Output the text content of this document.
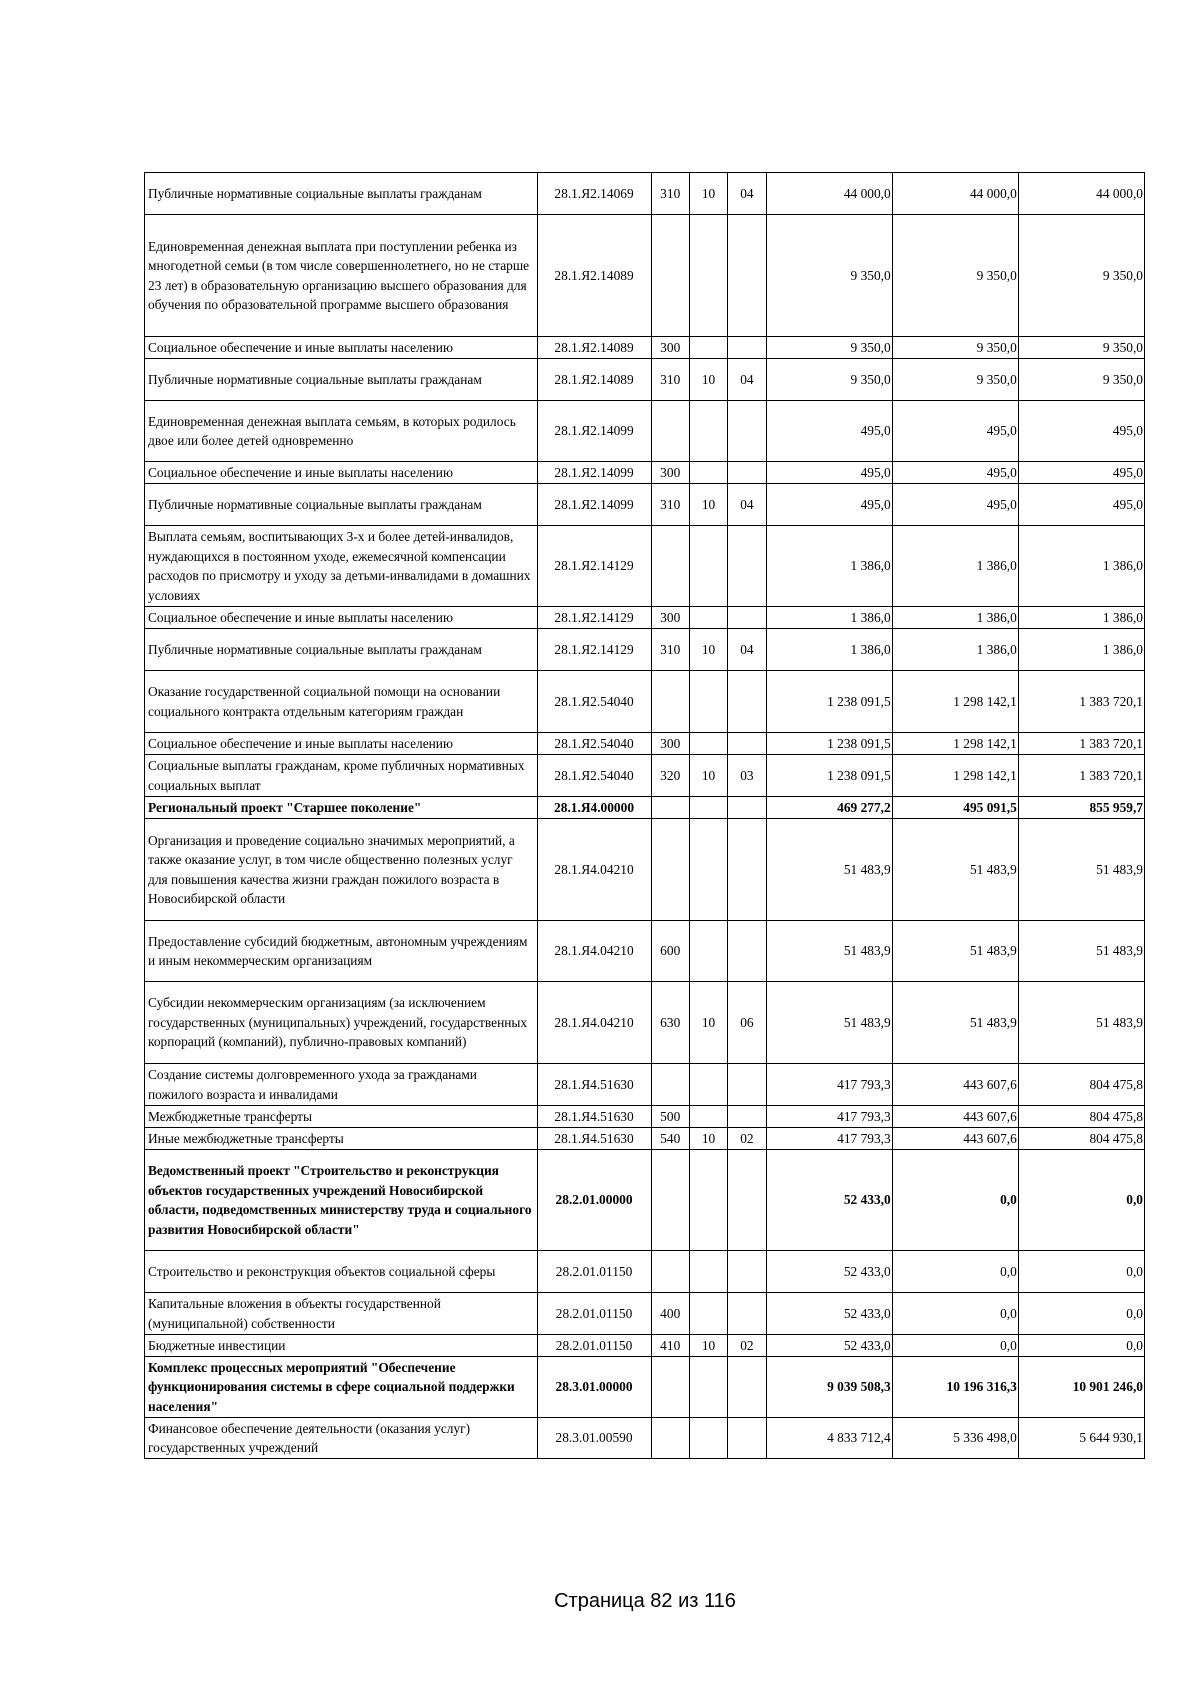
Публичные нормативные социальные выплаты гражданам	28.1.Я2.14069	310	10	04	44 000,0	44 000,0	44 000,0
Единовременная денежная выплата при поступлении ребенка из многодетной семьи (в том числе совершеннолетнего, но не старше 23 лет) в образовательную организацию высшего образования для обучения по образовательной программе высшего образования	28.1.Я2.14089				9 350,0	9 350,0	9 350,0
Социальное обеспечение и иные выплаты населению	28.1.Я2.14089	300			9 350,0	9 350,0	9 350,0
Публичные нормативные социальные выплаты гражданам	28.1.Я2.14089	310	10	04	9 350,0	9 350,0	9 350,0
Единовременная денежная выплата семьям, в которых родилось двое или более детей одновременно	28.1.Я2.14099				495,0	495,0	495,0
Социальное обеспечение и иные выплаты населению	28.1.Я2.14099	300			495,0	495,0	495,0
Публичные нормативные социальные выплаты гражданам	28.1.Я2.14099	310	10	04	495,0	495,0	495,0
Выплата семьям, воспитывающих 3-х и более детей-инвалидов, нуждающихся в постоянном уходе, ежемесячной компенсации расходов по присмотру и уходу за детьми-инвалидами в домашних условиях	28.1.Я2.14129				1 386,0	1 386,0	1 386,0
Социальное обеспечение и иные выплаты населению	28.1.Я2.14129	300			1 386,0	1 386,0	1 386,0
Публичные нормативные социальные выплаты гражданам	28.1.Я2.14129	310	10	04	1 386,0	1 386,0	1 386,0
Оказание государственной социальной помощи на основании социального контракта отдельным категориям граждан	28.1.Я2.54040				1 238 091,5	1 298 142,1	1 383 720,1
Социальное обеспечение и иные выплаты населению	28.1.Я2.54040	300			1 238 091,5	1 298 142,1	1 383 720,1
Социальные выплаты гражданам, кроме публичных нормативных социальных выплат	28.1.Я2.54040	320	10	03	1 238 091,5	1 298 142,1	1 383 720,1
Региональный проект "Старшее поколение"	28.1.Я4.00000				469 277,2	495 091,5	855 959,7
Организация и проведение социально значимых мероприятий, а также оказание услуг, в том числе общественно полезных услуг для повышения качества жизни граждан пожилого возраста в Новосибирской области	28.1.Я4.04210				51 483,9	51 483,9	51 483,9
Предоставление субсидий бюджетным, автономным учреждениям и иным некоммерческим организациям	28.1.Я4.04210	600			51 483,9	51 483,9	51 483,9
Субсидии некоммерческим организациям (за исключением государственных (муниципальных) учреждений, государственных корпораций (компаний), публично-правовых компаний)	28.1.Я4.04210	630	10	06	51 483,9	51 483,9	51 483,9
Создание системы долговременного ухода за гражданами пожилого возраста и инвалидами	28.1.Я4.51630				417 793,3	443 607,6	804 475,8
Межбюджетные трансферты	28.1.Я4.51630	500			417 793,3	443 607,6	804 475,8
Иные межбюджетные трансферты	28.1.Я4.51630	540	10	02	417 793,3	443 607,6	804 475,8
Ведомственный проект "Строительство и реконструкция объектов государственных учреждений Новосибирской области, подведомственных министерству труда и социального развития Новосибирской области"	28.2.01.00000				52 433,0	0,0	0,0
Строительство и реконструкция объектов социальной сферы	28.2.01.01150				52 433,0	0,0	0,0
Капитальные вложения в объекты государственной (муниципальной) собственности	28.2.01.01150	400			52 433,0	0,0	0,0
Бюджетные инвестиции	28.2.01.01150	410	10	02	52 433,0	0,0	0,0
Комплекс процессных мероприятий "Обеспечение функционирования системы в сфере социальной поддержки населения"	28.3.01.00000				9 039 508,3	10 196 316,3	10 901 246,0
Финансовое обеспечение деятельности (оказания услуг) государственных учреждений	28.3.01.00590				4 833 712,4	5 336 498,0	5 644 930,1
Страница 82 из 116
